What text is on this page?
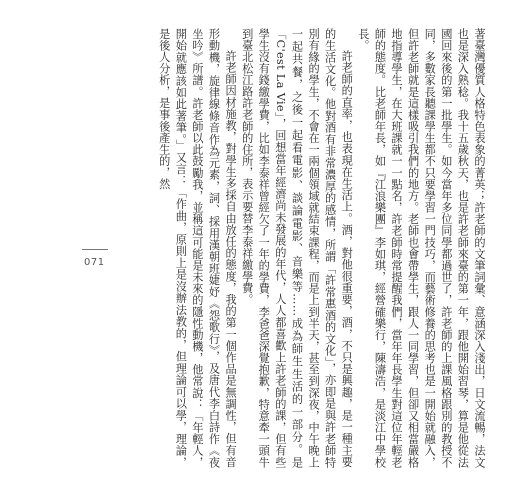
著臺灣優質人格特色表象的菁英；許老師的文筆詞彙、意涵深入淺出，日文流暢，法文也是深入熟稔。我十五歲秋天，也是許老師來臺的第一年，跟他開始習琴，算是他從法國回來後的第一批學生。如今當年多位同學都過世了，許老師的上課風格跟別的教授不同，多數家長聽課學生都不只要學習一門技巧，而藝術修養的思考也是一開始就融入，但許老師就是這樣吸引我們的地方。老師也會帶學生，跟人一同學習，但卻又相當嚴格地指導學生，在大班課就一一點名，許老師時常提醒我們，當年年長學生對這位年輕老師的態度。比老師年長，如『江浪樂團』李如琪，經營確樂行，陳濤浩，是淡江中學校長。

許老師的直率，也表現在生活上。酒，對他很重要，酒，不只是興趣，是一種主要的生活文化。他對酒有非常濃厚的感情，所謂「許常惠酒的文化」，亦即是與許老師特別有緣的學生，不會在一兩個領域就結束課程，而是上到半天，甚至到深夜，中午晚上一起共餐，之後一起看電影、談論電影、音樂等……成為師生生活的一部分。是「C'est La Vie」，回想當年經濟尚未發展的年代，人人都喜歡上許老師的課，但有些學生沒有錢繳學費，比如李泰祥曾經欠了一年的學費，李爸爸深覺抱歉，特意牽一頭牛到臺北松江路許老師的住所，表示要替李泰祥繳學費。

許老師因材施教，對學生多採自由放任的態度，我的第一個作品是無調性，但有音形動機，旋律線條音作為元素，詞、採用漢朝班婕妤《怨歌行》，及唐代李白詩作《夜坐吟》所譜。許老師以此鼓勵我，並稱這可能是未來的隱性動機，他常說：「年輕人，開始就應該如此著筆。」又言：「作曲，原則上是沒辦法教的，但理論可以學，理論，是後人分析，是事後產生的，然

071
